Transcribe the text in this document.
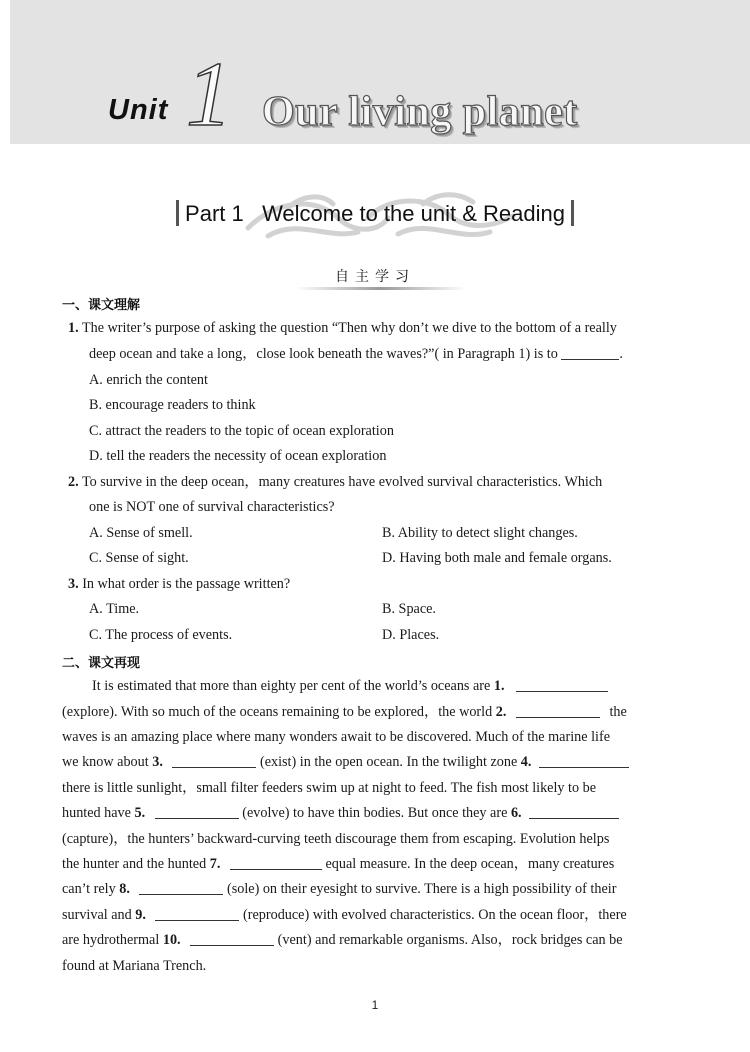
Unit 1 Our living planet
Part 1   Welcome to the unit & Reading
自主学习
一、课文理解
1. The writer’s purpose of asking the question “Then why don’t we dive to the bottom of a really
deep ocean and take a long，close look beneath the waves?”( in Paragraph 1) is to	.
A. enrich the content
B. encourage readers to think
C. attract the readers to the topic of ocean exploration
D. tell the readers the necessity of ocean exploration
2. To survive in the deep ocean，many creatures have evolved survival characteristics. Which
one is NOT one of survival characteristics?
A. Sense of smell.	B. Ability to detect slight changes.
C. Sense of sight.	D. Having both male and female organs.
3. In what order is the passage written?
A. Time.	B. Space.
C. The process of events.	D. Places.
二、课文再现
It is estimated that more than eighty per cent of the world’s oceans are 1.
(explore). With so much of the oceans remaining to be explored，the world 2.	the
waves is an amazing place where many wonders await to be discovered. Much of the marine life
we know about 3.	(exist) in the open ocean. In the twilight zone 4.
there is little sunlight，small filter feeders swim up at night to feed. The fish most likely to be
hunted have 5.	(evolve) to have thin bodies. But once they are 6.
(capture)，the hunters’ backward-curving teeth discourage them from escaping. Evolution helps
the hunter and the hunted 7.	equal measure. In the deep ocean，many creatures
can’t rely 8.	(sole) on their eyesight to survive. There is a high possibility of their
survival and 9.	(reproduce) with evolved characteristics. On the ocean floor，there
are hydrothermal 10.	(vent) and remarkable organisms. Also，rock bridges can be
found at Mariana Trench.
1
